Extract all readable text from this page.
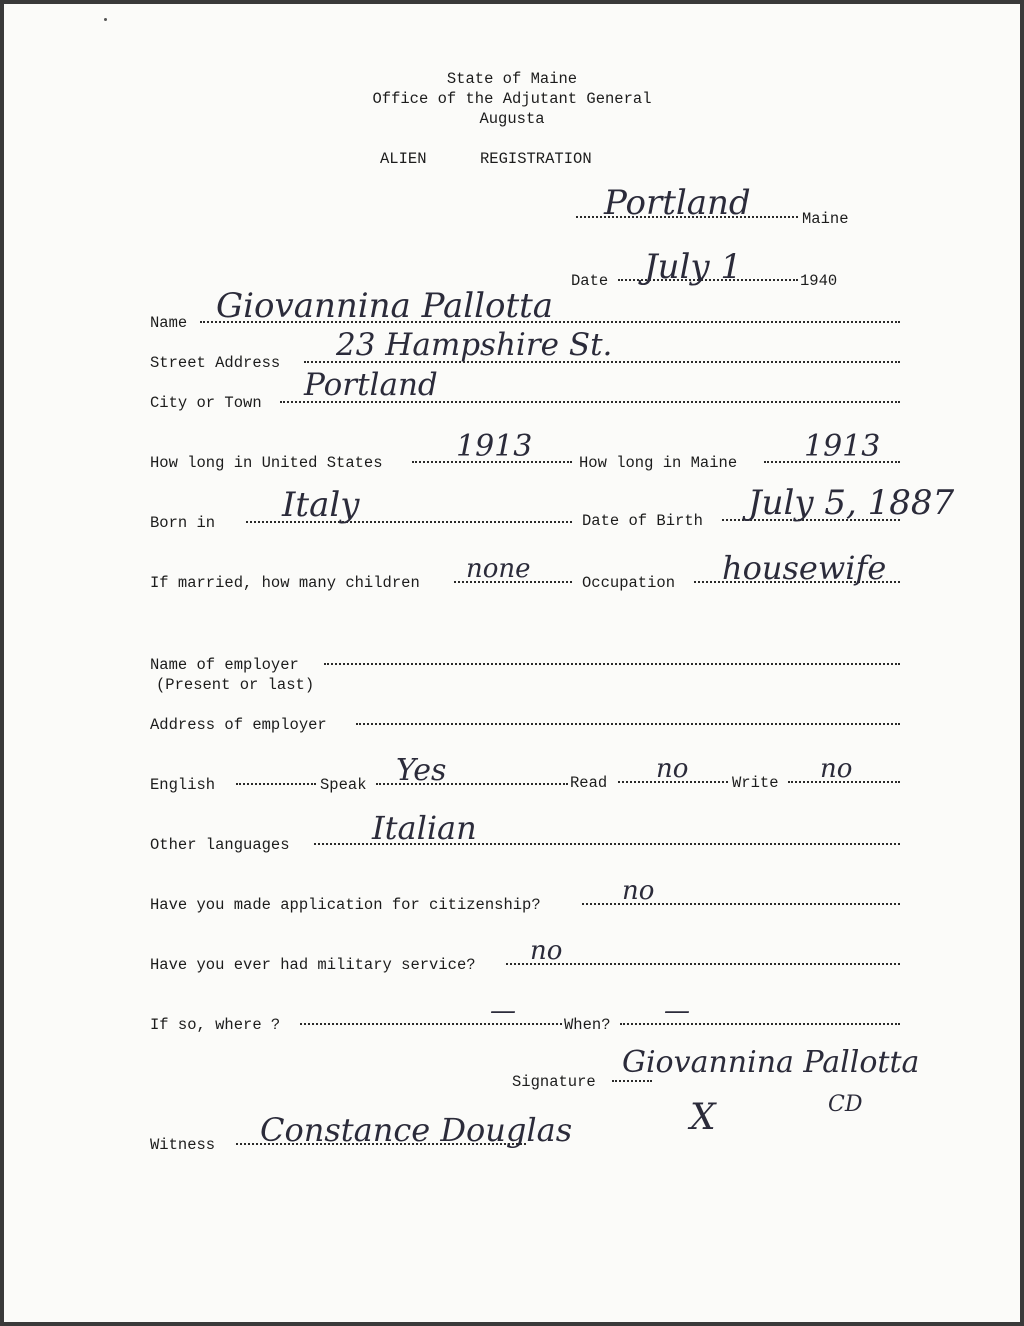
State of Maine
Office of the Adjutant General
Augusta
ALIEN	REGISTRATION
Portland	Maine
Date July 1	1940
Name Giovannina Pallotta
Street Address 23 Hampshire St.
City or Town Portland
How long in United States 1913	How long in Maine 1913
Born in Italy	Date of Birth July 5, 1887
If married, how many children none	Occupation housewife
Name of employer
(Present or last)
Address of employer
English	Speak Yes	Read no	Write no
Other languages	Italian
Have you made application for citizenship?	no
Have you ever had military service? no
If so, where ?	—	When? —
Signature
Giovannina Pallotta
CD
Witness Constance Douglas	X
